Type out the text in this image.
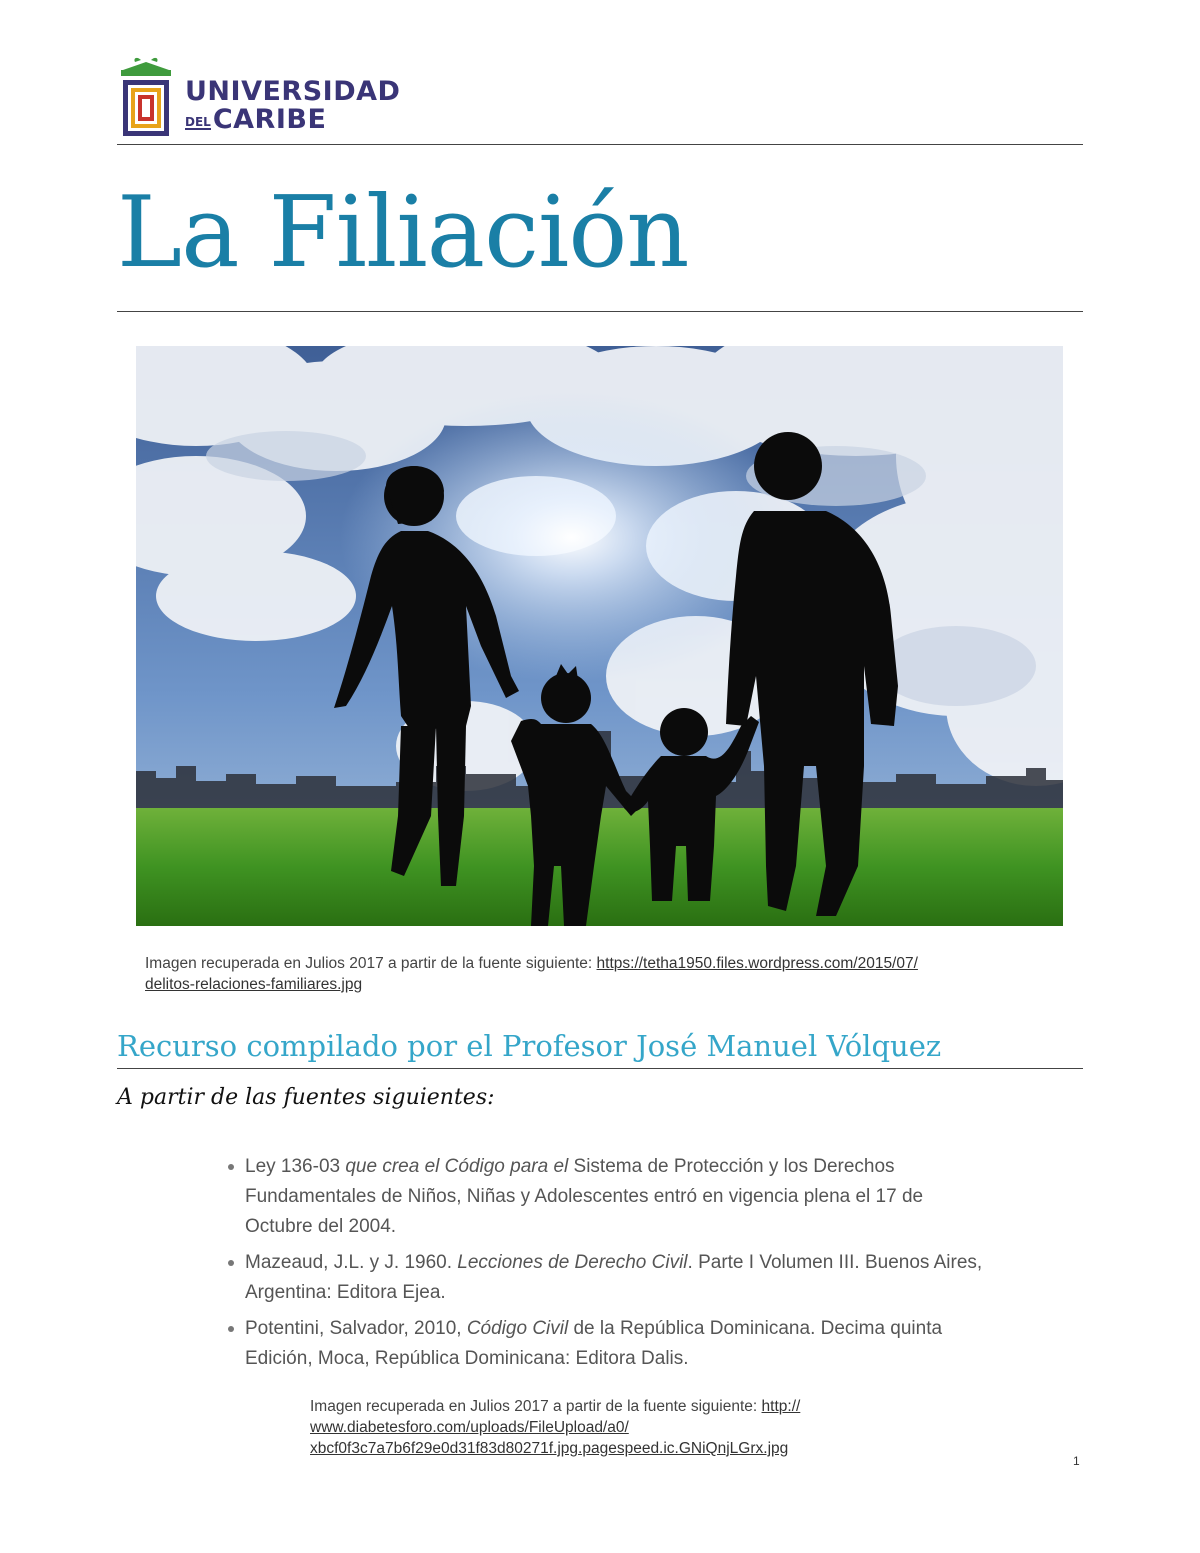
UNIVERSIDAD
DELCARIBE
La Filiación
Imagen recuperada en Julios 2017 a partir de la fuente siguiente: https://tetha1950.files.wordpress.com/2015/07/
delitos-relaciones-familiares.jpg
Recurso compilado por el Profesor José Manuel Vólquez
A partir de las fuentes siguientes:
Ley 136-03 que crea el Código para el Sistema de Protección y los Derechos Fundamentales de Niños, Niñas y Adolescentes entró en vigencia plena el 17 de Octubre del 2004.
Mazeaud, J.L. y J. 1960. Lecciones de Derecho Civil. Parte I Volumen III. Buenos Aires, Argentina: Editora Ejea.
Potentini, Salvador, 2010, Código Civil de la República Dominicana. Decima quinta Edición, Moca, República Dominicana: Editora Dalis.
Imagen recuperada en Julios 2017 a partir de la fuente siguiente: http://
www.diabetesforo.com/uploads/FileUpload/a0/
xbcf0f3c7a7b6f29e0d31f83d80271f.jpg.pagespeed.ic.GNiQnjLGrx.jpg
1
